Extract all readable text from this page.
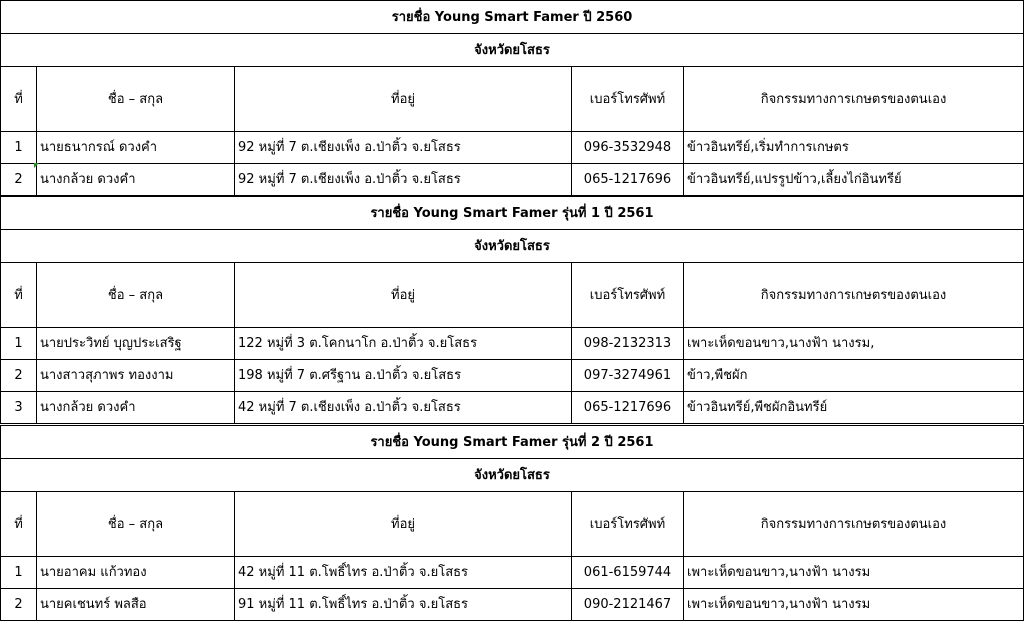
รายชื่อ Young Smart Famer ปี 2560				
จังหวัดยโสธร				
ที่	ชื่อ – สกุล	ที่อยู่	เบอร์โทรศัพท์	กิจกรรมทางการเกษตรของตนเอง
1	นายธนากรณ์ ดวงคำ	92 หมู่ที่ 7 ต.เชียงเพ็ง อ.ป่าติ้ว จ.ยโสธร	096-3532948	ข้าวอินทรีย์,เริ่มทำการเกษตร
2	นางกล้วย ดวงคำ	92 หมู่ที่ 7 ต.เชียงเพ็ง อ.ป่าติ้ว จ.ยโสธร	065-1217696	ข้าวอินทรีย์,แปรรูปข้าว,เลี้ยงไก่อินทรีย์
รายชื่อ Young Smart Famer รุ่นที่ 1 ปี 2561				
จังหวัดยโสธร				
ที่	ชื่อ – สกุล	ที่อยู่	เบอร์โทรศัพท์	กิจกรรมทางการเกษตรของตนเอง
1	นายประวิทย์ บุญประเสริฐ	122 หมู่ที่ 3 ต.โคกนาโก อ.ป่าติ้ว จ.ยโสธร	098-2132313	เพาะเห็ดขอนขาว,นางฟ้า นางรม,
2	นางสาวสุภาพร ทองงาม	198 หมู่ที่ 7 ต.ศรีฐาน อ.ป่าติ้ว จ.ยโสธร	097-3274961	ข้าว,พืชผัก
3	นางกล้วย ดวงคำ	42 หมู่ที่ 7 ต.เชียงเพ็ง อ.ป่าติ้ว จ.ยโสธร	065-1217696	ข้าวอินทรีย์,พืชผักอินทรีย์
รายชื่อ Young Smart Famer รุ่นที่ 2 ปี 2561				
จังหวัดยโสธร				
ที่	ชื่อ – สกุล	ที่อยู่	เบอร์โทรศัพท์	กิจกรรมทางการเกษตรของตนเอง
1	นายอาคม แก้วทอง	42 หมู่ที่ 11 ต.โพธิ์ไทร อ.ป่าติ้ว จ.ยโสธร	061-6159744	เพาะเห็ดขอนขาว,นางฟ้า นางรม
2	นายคเชนทร์ พลสือ	91 หมู่ที่ 11 ต.โพธิ์ไทร อ.ป่าติ้ว จ.ยโสธร	090-2121467	เพาะเห็ดขอนขาว,นางฟ้า นางรม
